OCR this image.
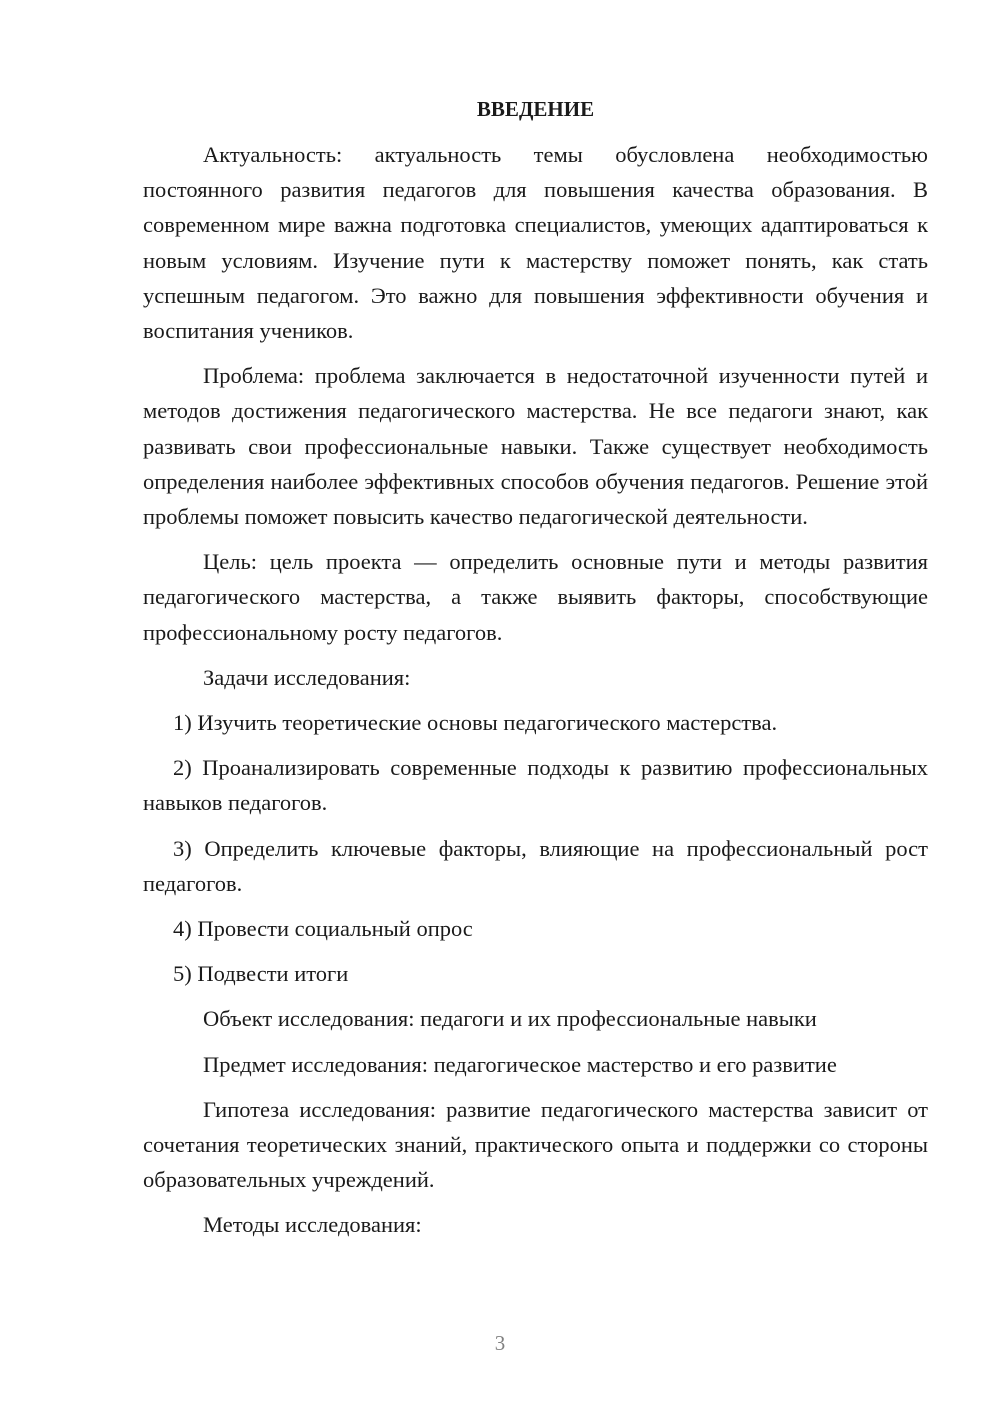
ВВЕДЕНИЕ

Актуальность: актуальность темы обусловлена необходимостью постоянного развития педагогов для повышения качества образования. В современном мире важна подготовка специалистов, умеющих адаптироваться к новым условиям. Изучение пути к мастерству поможет понять, как стать успешным педагогом. Это важно для повышения эффективности обучения и воспитания учеников.

Проблема: проблема заключается в недостаточной изученности путей и методов достижения педагогического мастерства. Не все педагоги знают, как развивать свои профессиональные навыки. Также существует необходимость определения наиболее эффективных способов обучения педагогов. Решение этой проблемы поможет повысить качество педагогической деятельности.

Цель: цель проекта — определить основные пути и методы развития педагогического мастерства, а также выявить факторы, способствующие профессиональному росту педагогов.

Задачи исследования:

1) Изучить теоретические основы педагогического мастерства.

2) Проанализировать современные подходы к развитию профессиональных навыков педагогов.

3) Определить ключевые факторы, влияющие на профессиональный рост педагогов.

4) Провести социальный опрос

5) Подвести итоги

Объект исследования: педагоги и их профессиональные навыки

Предмет исследования: педагогическое мастерство и его развитие

Гипотеза исследования: развитие педагогического мастерства зависит от сочетания теоретических знаний, практического опыта и поддержки со стороны образовательных учреждений.

Методы исследования:

3
